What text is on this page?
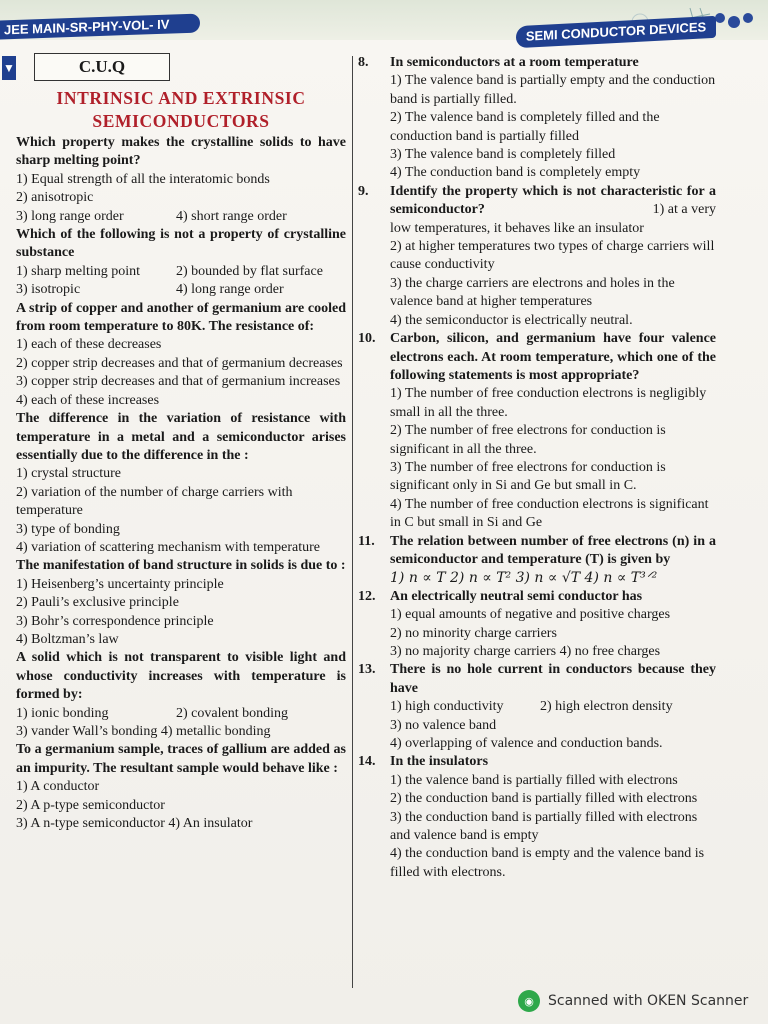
JEE MAIN-SR-PHY-VOL- IV	SEMI CONDUCTOR DEVICES
▼	C.U.Q
INTRINSIC AND EXTRINSIC
SEMICONDUCTORS
Which property makes the crystalline solids to have sharp melting point?
1) Equal strength of all the interatomic bonds
2) anisotropic
3) long range order	4) short range order
Which of the following is not a property of crystalline substance
1) sharp melting point	2) bounded by flat surface
3) isotropic	4) long range order
A strip of copper and another of germanium are cooled from room temperature to 80K. The resistance of:
1) each of these decreases
2) copper strip decreases and that of germanium decreases
3) copper strip decreases and that of germanium increases
4) each of these increases
The difference in the variation of resistance with temperature in a metal and a semiconductor arises essentially due to the difference in the :
1) crystal structure
2) variation of the number of charge carriers with temperature
3) type of bonding
4) variation of scattering mechanism with temperature
The manifestation of band structure in solids is due to :
1) Heisenberg’s uncertainty principle
2) Pauli’s exclusive principle
3) Bohr’s correspondence principle
4) Boltzman’s law
A solid which is not transparent to visible light and whose conductivity increases with temperature is formed by:
1) ionic bonding	2) covalent bonding
3) vander Wall’s bonding 4) metallic bonding
To a germanium sample, traces of gallium are added as an impurity. The resultant sample would behave like :
1) A conductor
2) A p-type semiconductor
3) A n-type semiconductor 4) An insulator
8.	In semiconductors at a room temperature
1) The valence band is partially empty and the conduction band is partially filled.
2) The valence band is completely filled and the conduction band is partially filled
3) The valence band is completely filled
4) The conduction band is completely empty
9.	Identify the property which is not characteristic for a semiconductor?	1) at a very
low temperatures, it behaves like an insulator
2) at higher temperatures two types of charge carriers will cause conductivity
3) the charge carriers are electrons and holes in the valence band at higher temperatures
4) the semiconductor is electrically neutral.
10.	Carbon, silicon, and germanium have four valence electrons each. At room temperature, which one of the following statements is most appropriate?
1) The number of free conduction electrons is negligibly small in all the three.
2) The number of free electrons for conduction is significant in all the three.
3) The number of free electrons for conduction is significant only in Si and Ge but small in C.
4) The number of free conduction electrons is significant in C but small in Si and Ge
11.	The relation between number of free electrons (n) in a semiconductor and temperature (T) is given by
1) n ∝ T 2) n ∝ T² 3) n ∝ √T 4) n ∝ T³ᐟ²
12.	An electrically neutral semi conductor has
1) equal amounts of negative and positive charges
2) no minority charge carriers
3) no majority charge carriers 4) no free charges
13.	There is no hole current in conductors because they have
1) high conductivity	2) high electron density
3) no valence band
4) overlapping of valence and conduction bands.
14.	In the insulators
1) the valence band is partially filled with electrons
2) the conduction band is partially filled with electrons
3) the conduction band is partially filled with electrons and valence band is empty
4) the conduction band is empty and the valence band is filled with electrons.
◉	Scanned with OKEN Scanner
